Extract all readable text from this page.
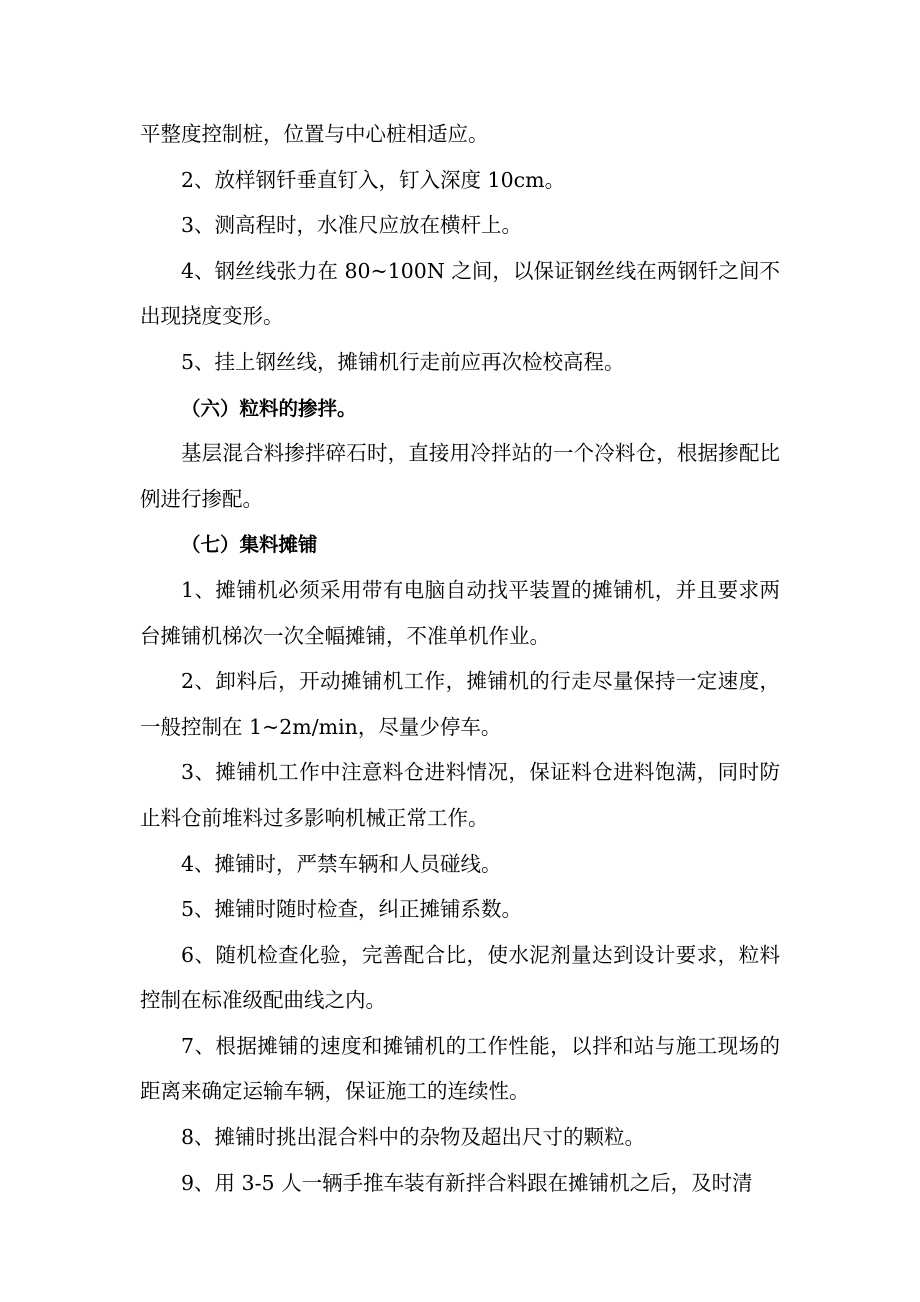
平整度控制桩，位置与中心桩相适应。

2、放样钢钎垂直钉入，钉入深度 10cm。

3、测高程时，水准尺应放在横杆上。

4、钢丝线张力在 80~100N 之间，以保证钢丝线在两钢钎之间不出现挠度变形。

5、挂上钢丝线，摊铺机行走前应再次检校高程。

（六）粒料的掺拌。

基层混合料掺拌碎石时，直接用冷拌站的一个冷料仓，根据掺配比例进行掺配。

（七）集料摊铺

1、摊铺机必须采用带有电脑自动找平装置的摊铺机，并且要求两台摊铺机梯次一次全幅摊铺，不准单机作业。

2、卸料后，开动摊铺机工作，摊铺机的行走尽量保持一定速度，一般控制在 1~2m/min，尽量少停车。

3、摊铺机工作中注意料仓进料情况，保证料仓进料饱满，同时防止料仓前堆料过多影响机械正常工作。

4、摊铺时，严禁车辆和人员碰线。

5、摊铺时随时检查，纠正摊铺系数。

6、随机检查化验，完善配合比，使水泥剂量达到设计要求，粒料控制在标准级配曲线之内。

7、根据摊铺的速度和摊铺机的工作性能，以拌和站与施工现场的距离来确定运输车辆，保证施工的连续性。

8、摊铺时挑出混合料中的杂物及超出尺寸的颗粒。

9、用 3-5 人一辆手推车装有新拌合料跟在摊铺机之后，及时清
